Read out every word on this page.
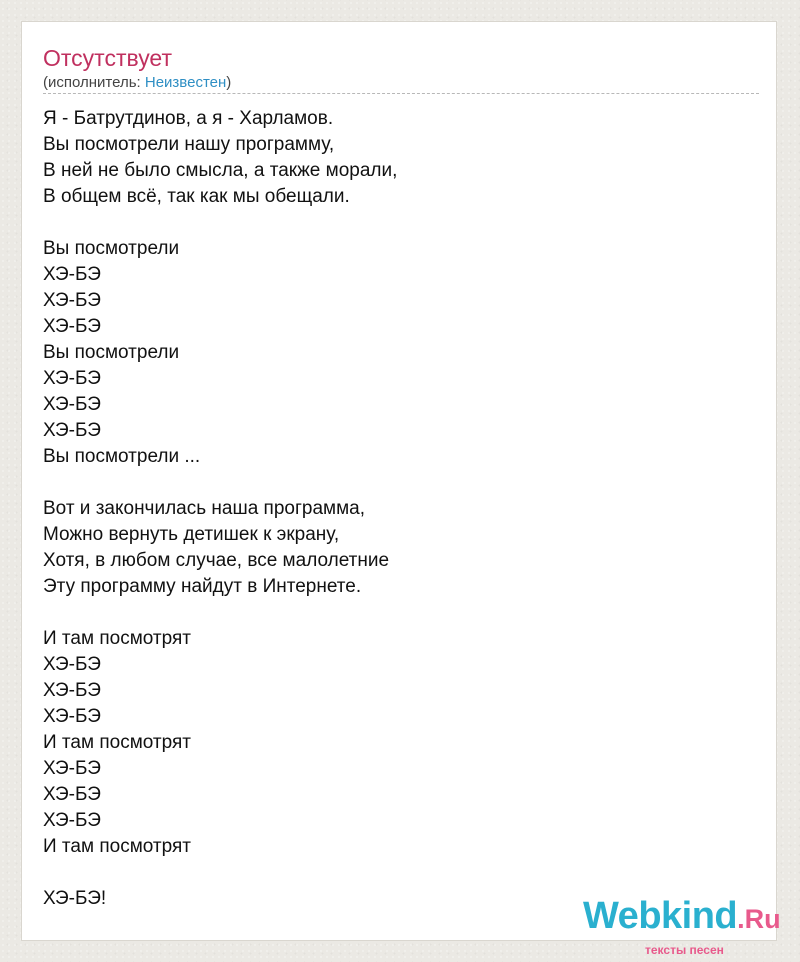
Отсутствует
(исполнитель: Неизвестен)
Я - Батрутдинов, а я - Харламов.
Вы посмотрели нашу программу,
В ней не было смысла, а также морали,
В общем всё, так как мы обещали.
Вы посмотрели
ХЭ-БЭ
ХЭ-БЭ
ХЭ-БЭ
Вы посмотрели
ХЭ-БЭ
ХЭ-БЭ
ХЭ-БЭ
Вы посмотрели ...
Вот и закончилась наша программа,
Можно вернуть детишек к экрану,
Хотя, в любом случае, все малолетние
Эту программу найдут в Интернете.
И там посмотрят
ХЭ-БЭ
ХЭ-БЭ
ХЭ-БЭ
И там посмотрят
ХЭ-БЭ
ХЭ-БЭ
ХЭ-БЭ
И там посмотрят
ХЭ-БЭ!	Webkind.Ru
тексты песен
